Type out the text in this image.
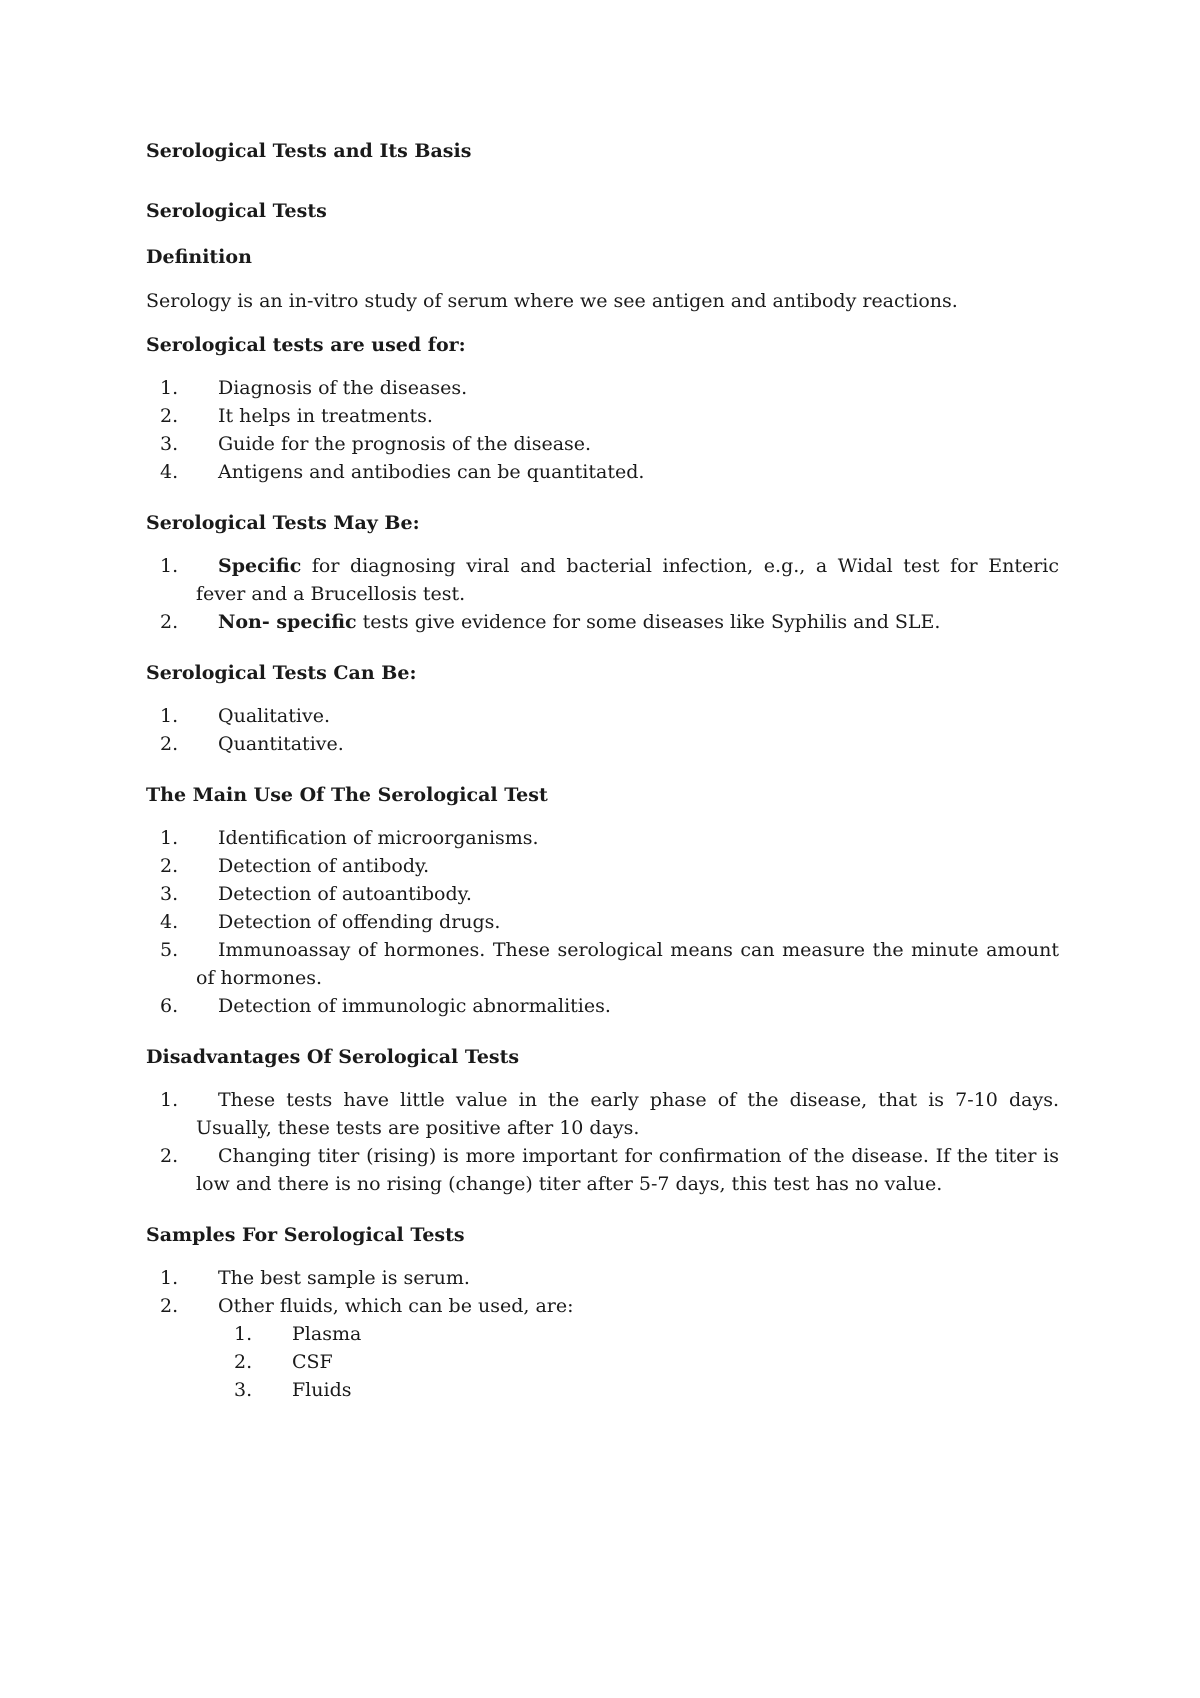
Serological Tests and Its Basis

Serological Tests

Definition

Serology is an in-vitro study of serum where we see antigen and antibody reactions.

Serological tests are used for:

1.	Diagnosis of the diseases.
2.	It helps in treatments.
3.	Guide for the prognosis of the disease.
4.	Antigens and antibodies can be quantitated.

Serological Tests May Be:

1.	Specific for diagnosing viral and bacterial infection, e.g., a Widal test for Enteric fever and a Brucellosis test.
2.	Non- specific tests give evidence for some diseases like Syphilis and SLE.

Serological Tests Can Be:

1.	Qualitative.
2.	Quantitative.

The Main Use Of The Serological Test

1.	Identification of microorganisms.
2.	Detection of antibody.
3.	Detection of autoantibody.
4.	Detection of offending drugs.
5.	Immunoassay of hormones. These serological means can measure the minute amount of hormones.
6.	Detection of immunologic abnormalities.

Disadvantages Of Serological Tests

1.	These tests have little value in the early phase of the disease, that is 7-10 days. Usually, these tests are positive after 10 days.
2.	Changing titer (rising) is more important for confirmation of the disease. If the titer is low and there is no rising (change) titer after 5-7 days, this test has no value.

Samples For Serological Tests

1.	The best sample is serum.
2.	Other fluids, which can be used, are:
1.	Plasma
2.	CSF
3.	Fluids
